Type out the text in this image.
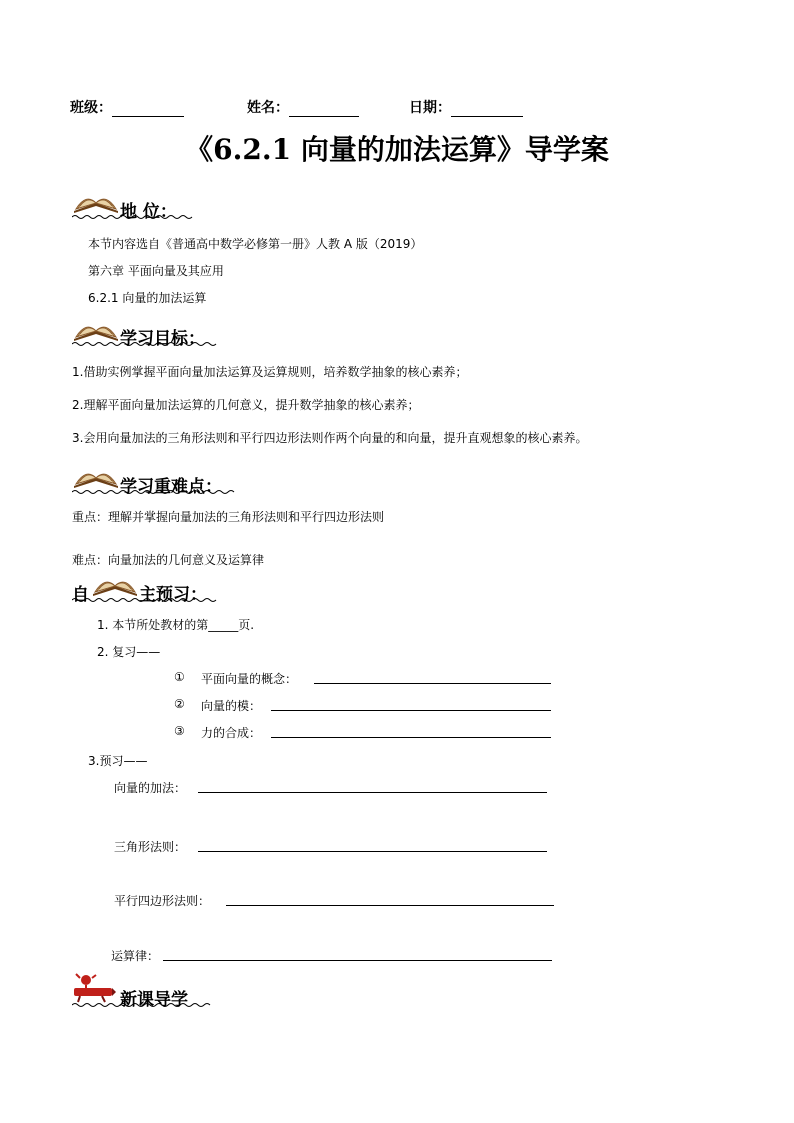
班级：	姓名：	日期：
《6.2.1 向量的加法运算》导学案
地 位：
本节内容选自《普通高中数学必修第一册》人教 A 版（2019）
第六章 平面向量及其应用
6.2.1 向量的加法运算
学习目标：
1.借助实例掌握平面向量加法运算及运算规则，培养数学抽象的核心素养；
2.理解平面向量加法运算的几何意义，提升数学抽象的核心素养；
3.会用向量加法的三角形法则和平行四边形法则作两个向量的和向量，提升直观想象的核心素养。
学习重难点：
重点：理解并掌握向量加法的三角形法则和平行四边形法则
难点：向量加法的几何意义及运算律
自	主预习：
1. 本节所处教材的第_____页.
2. 复习——
① 平面向量的概念：
② 向量的模：
③ 力的合成：
3.预习——
向量的加法：
三角形法则：
平行四边形法则：
运算律：
新课导学
